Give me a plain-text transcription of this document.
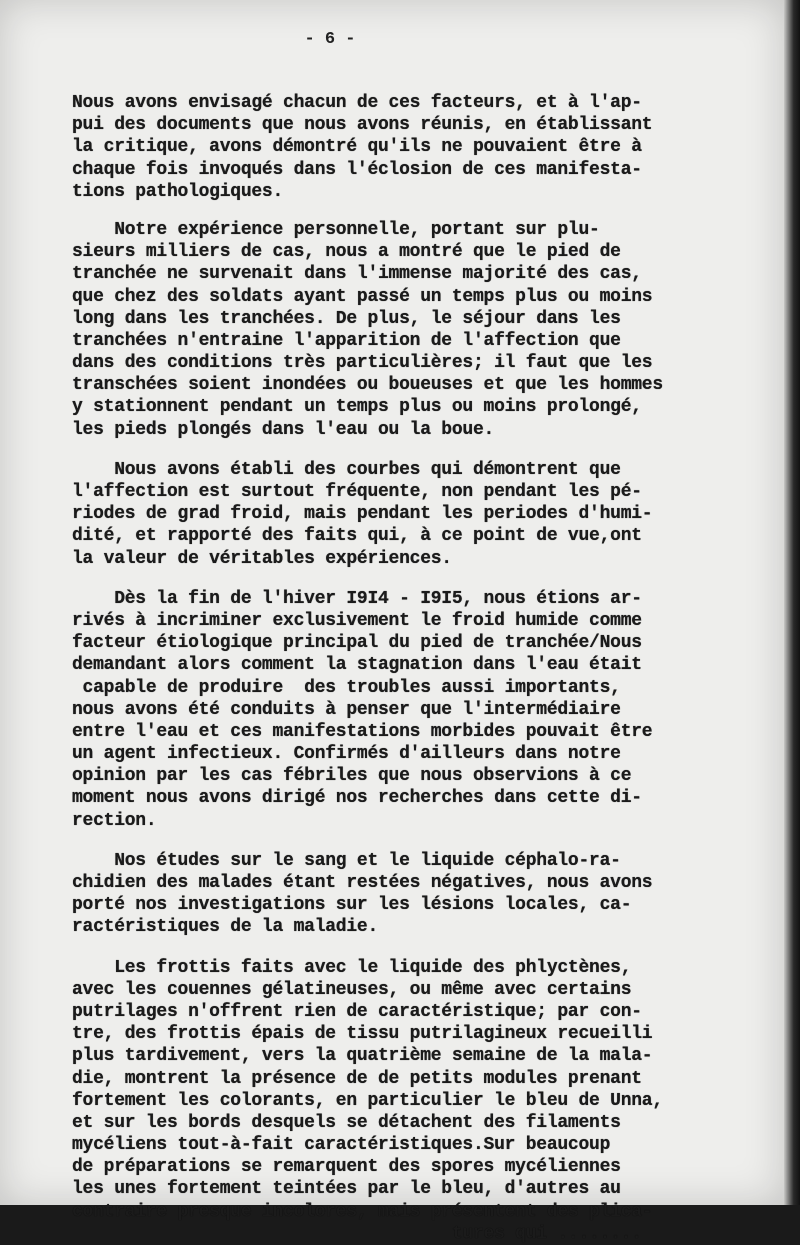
- 6 -
Nous avons envisagé chacun de ces facteurs, et à l'ap-
pui des documents que nous avons réunis, en établissant
la critique, avons démontré qu'ils ne pouvaient être à
chaque fois invoqués dans l'éclosion de ces manifesta-
tions pathologiques.
Notre expérience personnelle, portant sur plu-
sieurs milliers de cas, nous a montré que le pied de
tranchée ne survenait dans l'immense majorité des cas,
que chez des soldats ayant passé un temps plus ou moins
long dans les tranchées. De plus, le séjour dans les
tranchées n'entraine l'apparition de l'affection que
dans des conditions très particulières; il faut que les
transchées soient inondées ou boueuses et que les hommes
y stationnent pendant un temps plus ou moins prolongé,
les pieds plongés dans l'eau ou la boue.
Nous avons établi des courbes qui démontrent que
l'affection est surtout fréquente, non pendant les pé-
riodes de grad froid, mais pendant les periodes d'humi-
dité, et rapporté des faits qui, à ce point de vue,ont
la valeur de véritables expériences.
Dès la fin de l'hiver I9I4 - I9I5, nous étions ar-
rivés à incriminer exclusivement le froid humide comme
facteur étiologique principal du pied de tranchée/Nous
demandant alors comment la stagnation dans l'eau était
capable de produire  des troubles aussi importants,
nous avons été conduits à penser que l'intermédiaire
entre l'eau et ces manifestations morbides pouvait être
un agent infectieux. Confirmés d'ailleurs dans notre
opinion par les cas fébriles que nous observions à ce
moment nous avons dirigé nos recherches dans cette di-
rection.
Nos études sur le sang et le liquide céphalo-ra-
chidien des malades étant restées négatives, nous avons
porté nos investigations sur les lésions locales, ca-
ractéristiques de la maladie.
Les frottis faits avec le liquide des phlyctènes,
avec les couennes gélatineuses, ou même avec certains
putrilages n'offrent rien de caractéristique; par con-
tre, des frottis épais de tissu putrilagineux recueilli
plus tardivement, vers la quatrième semaine de la mala-
die, montrent la présence de de petits modules prenant
fortement les colorants, en particulier le bleu de Unna,
et sur les bords desquels se détachent des filaments
mycéliens tout-à-fait caractéristiques.Sur beaucoup
de préparations se remarquent des spores mycéliennes
les unes fortement teintées par le bleu, d'autres au
contraire presque incolores, mais présentent des plica-
tures qui ........
